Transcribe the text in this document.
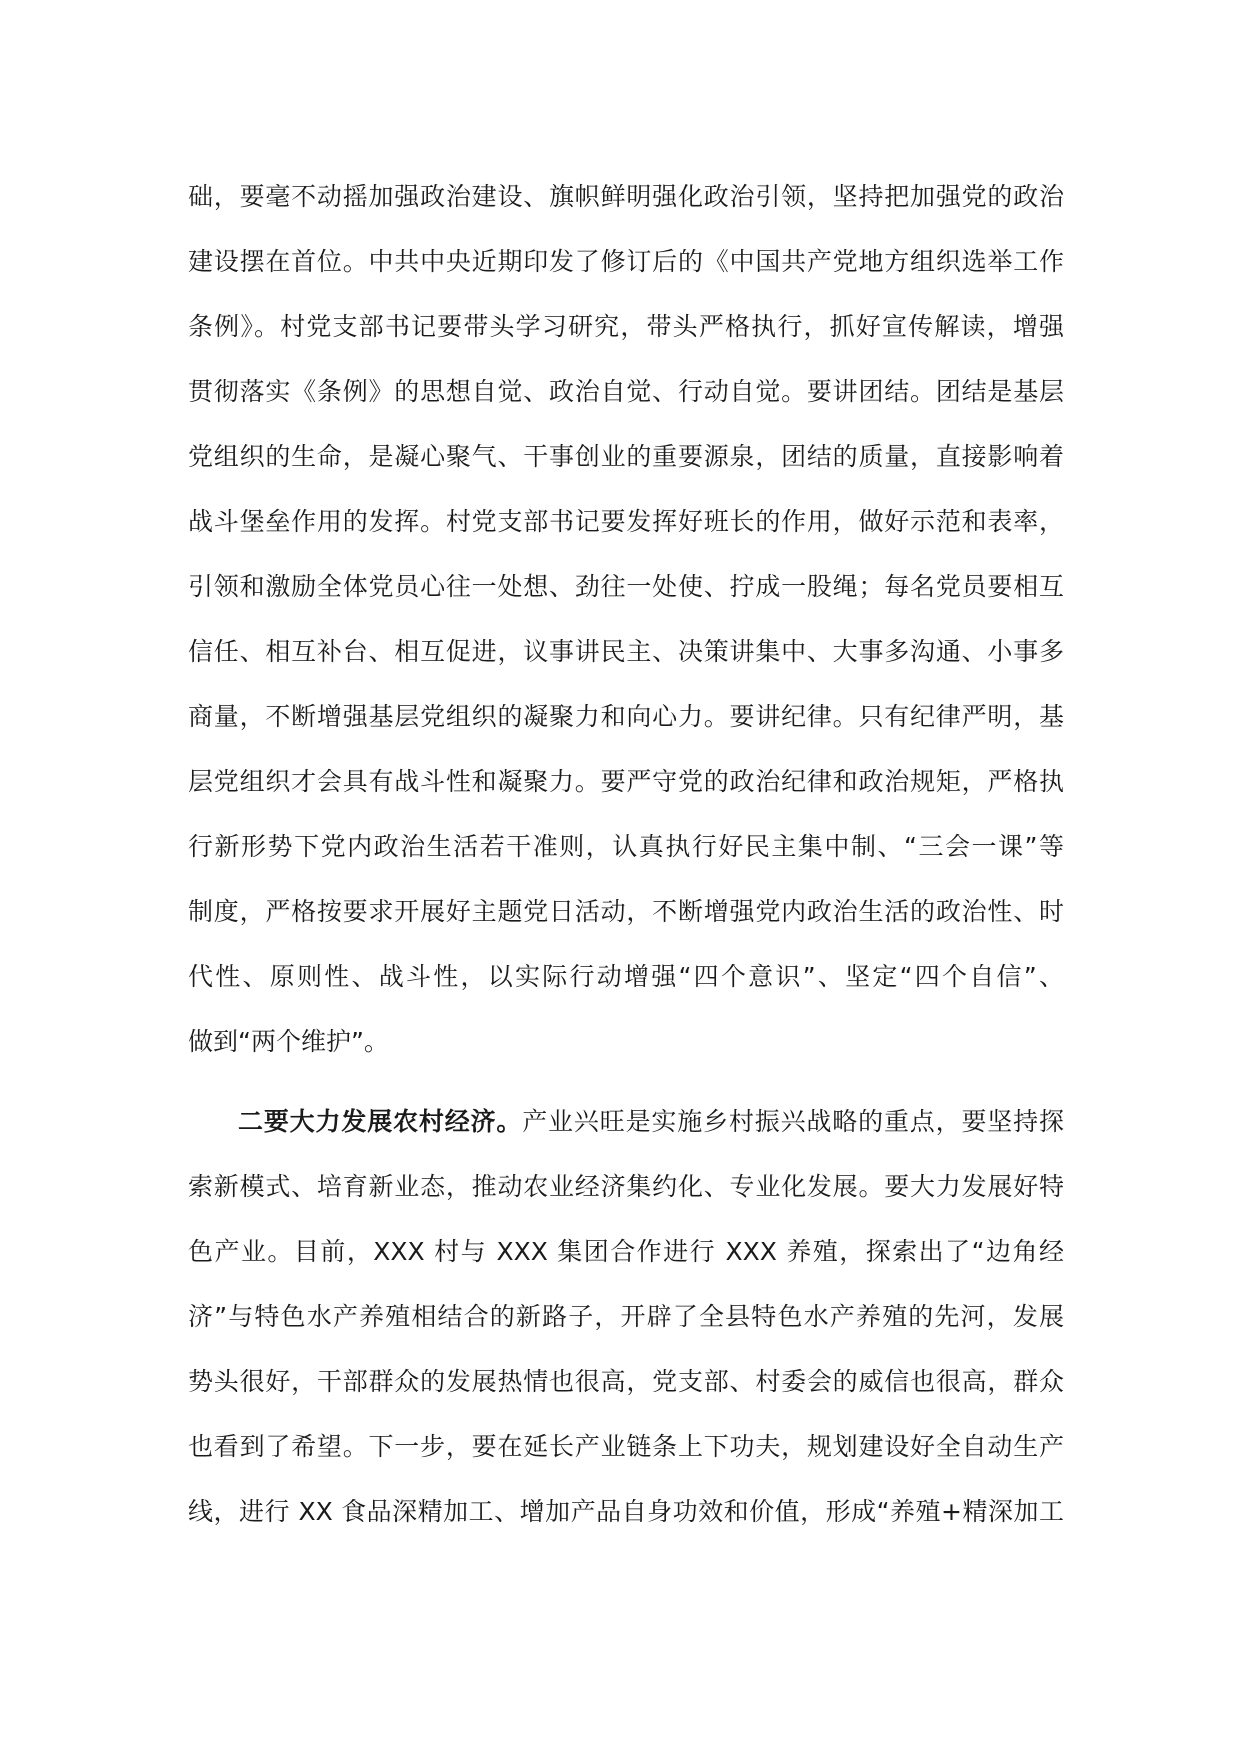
础，要毫不动摇加强政治建设、旗帜鲜明强化政治引领，坚持把加强党的政治
建设摆在首位。中共中央近期印发了修订后的《中国共产党地方组织选举工作
条例》。村党支部书记要带头学习研究，带头严格执行，抓好宣传解读，增强
贯彻落实《条例》的思想自觉、政治自觉、行动自觉。要讲团结。团结是基层
党组织的生命，是凝心聚气、干事创业的重要源泉，团结的质量，直接影响着
战斗堡垒作用的发挥。村党支部书记要发挥好班长的作用，做好示范和表率，
引领和激励全体党员心往一处想、劲往一处使、拧成一股绳；每名党员要相互
信任、相互补台、相互促进，议事讲民主、决策讲集中、大事多沟通、小事多
商量，不断增强基层党组织的凝聚力和向心力。要讲纪律。只有纪律严明，基
层党组织才会具有战斗性和凝聚力。要严守党的政治纪律和政治规矩，严格执
行新形势下党内政治生活若干准则，认真执行好民主集中制、“三会一课”等
制度，严格按要求开展好主题党日活动，不断增强党内政治生活的政治性、时
代性、原则性、战斗性，以实际行动增强“四个意识”、坚定“四个自信”、
做到“两个维护”。
二要大力发展农村经济。产业兴旺是实施乡村振兴战略的重点，要坚持探
索新模式、培育新业态，推动农业经济集约化、专业化发展。要大力发展好特
色产业。目前，XXX 村与 XXX 集团合作进行 XXX 养殖，探索出了“边角经
济”与特色水产养殖相结合的新路子，开辟了全县特色水产养殖的先河，发展
势头很好，干部群众的发展热情也很高，党支部、村委会的威信也很高，群众
也看到了希望。下一步，要在延长产业链条上下功夫，规划建设好全自动生产
线，进行 XX 食品深精加工、增加产品自身功效和价值，形成“养殖+精深加工
